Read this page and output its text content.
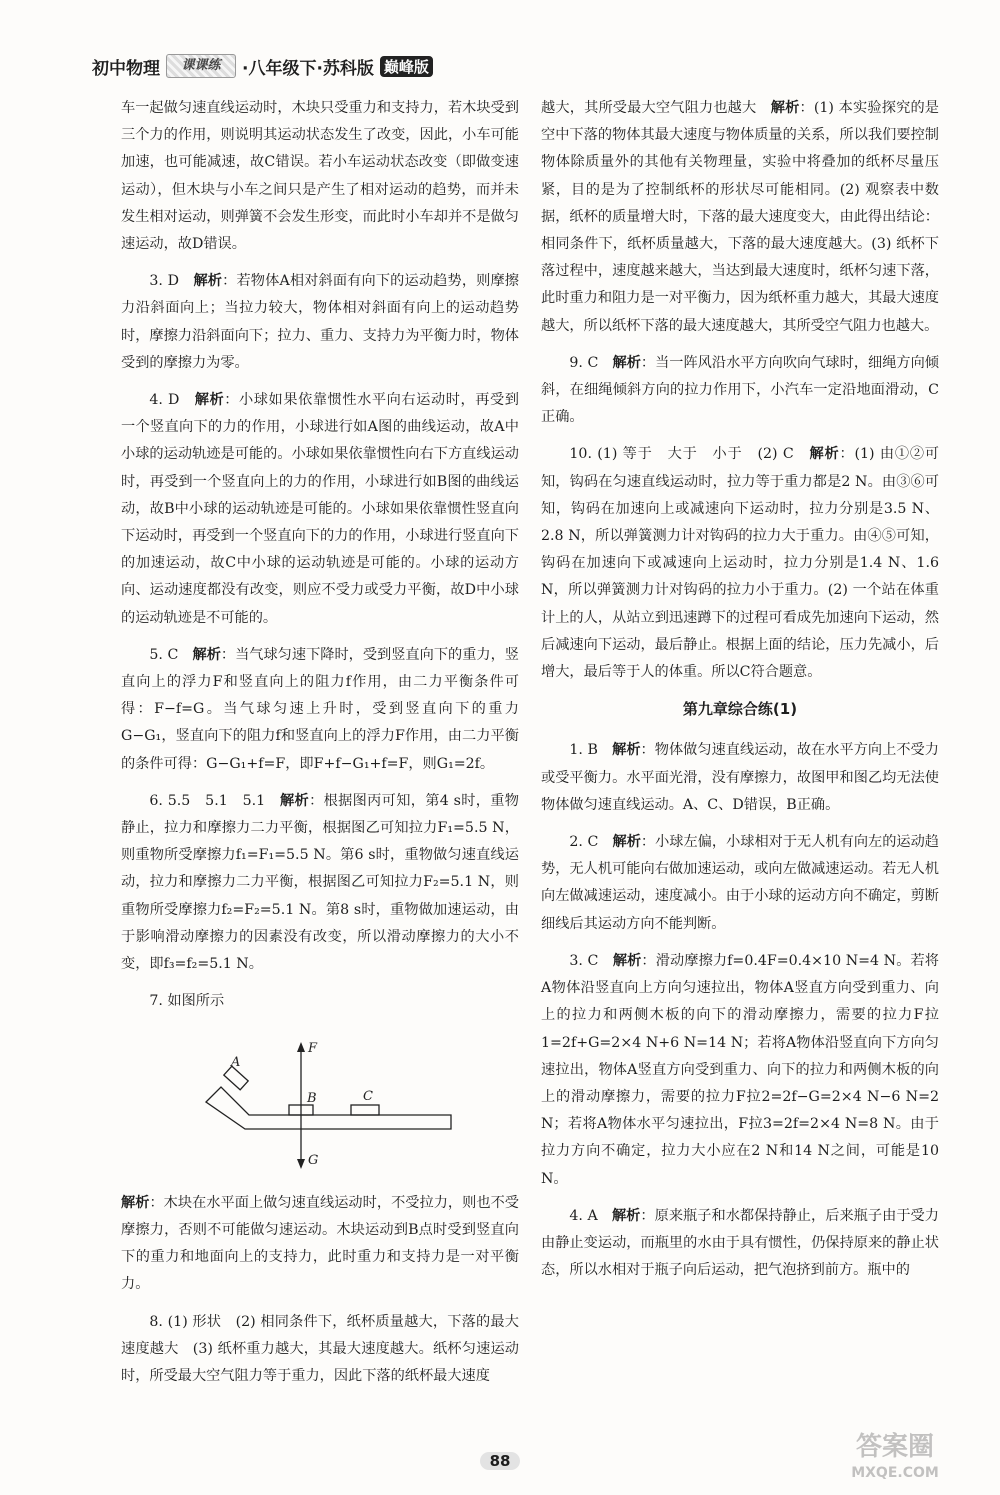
初中物理	课课练	·八年级下·苏科版 巅峰版

车一起做匀速直线运动时，木块只受重力和支持力，若木块受到三个力的作用，则说明其运动状态发生了改变，因此，小车可能加速，也可能减速，故C错误。若小车运动状态改变（即做变速运动），但木块与小车之间只是产生了相对运动的趋势，而并未发生相对运动，则弹簧不会发生形变，而此时小车却并不是做匀速运动，故D错误。

3. D　 解析：若物体A相对斜面有向下的运动趋势，则摩擦力沿斜面向上；当拉力较大，物体相对斜面有向上的运动趋势时，摩擦力沿斜面向下；拉力、重力、支持力为平衡力时，物体受到的摩擦力为零。

4. D　 解析：小球如果依靠惯性水平向右运动时，再受到一个竖直向下的力的作用，小球进行如A图的曲线运动，故A中小球的运动轨迹是可能的。小球如果依靠惯性向右下方直线运动时，再受到一个竖直向上的力的作用，小球进行如B图的曲线运动，故B中小球的运动轨迹是可能的。小球如果依靠惯性竖直向下运动时，再受到一个竖直向下的力的作用，小球进行竖直向下的加速运动，故C中小球的运动轨迹是可能的。小球的运动方向、运动速度都没有改变，则应不受力或受力平衡，故D中小球的运动轨迹是不可能的。

5. C　 解析：当气球匀速下降时，受到竖直向下的重力，竖直向上的浮力F和竖直向上的阻力f作用，由二力平衡条件可得：F−f=G。当气球匀速上升时，受到竖直向下的重力G−G₁，竖直向下的阻力f和竖直向上的浮力F作用，由二力平衡的条件可得：G−G₁+f=F，即F+f−G₁+f=F，则G₁=2f。

6. 5.5　5.1　5.1　 解析：根据图丙可知，第4 s时，重物静止，拉力和摩擦力二力平衡，根据图乙可知拉力F₁=5.5 N，则重物所受摩擦力f₁=F₁=5.5 N。第6 s时，重物做匀速直线运动，拉力和摩擦力二力平衡，根据图乙可知拉力F₂=5.1 N，则重物所受摩擦力f₂=F₂=5.1 N。第8 s时，重物做加速运动，由于影响滑动摩擦力的因素没有改变，所以滑动摩擦力的大小不变，即f₃=f₂=5.1 N。

7. 如图所示

A
B	C
F
G

解析：木块在水平面上做匀速直线运动时，不受拉力，则也不受摩擦力，否则不可能做匀速运动。木块运动到B点时受到竖直向下的重力和地面向上的支持力，此时重力和支持力是一对平衡力。

8. (1) 形状　(2) 相同条件下，纸杯质量越大，下落的最大速度越大　(3) 纸杯重力越大，其最大速度越大。纸杯匀速运动时，所受最大空气阻力等于重力，因此下落的纸杯最大速度

越大，其所受最大空气阻力也越大　 解析：(1) 本实验探究的是空中下落的物体其最大速度与物体质量的关系，所以我们要控制物体除质量外的其他有关物理量，实验中将叠加的纸杯尽量压紧，目的是为了控制纸杯的形状尽可能相同。(2) 观察表中数据，纸杯的质量增大时，下落的最大速度变大，由此得出结论：相同条件下，纸杯质量越大，下落的最大速度越大。(3) 纸杯下落过程中，速度越来越大，当达到最大速度时，纸杯匀速下落，此时重力和阻力是一对平衡力，因为纸杯重力越大，其最大速度越大，所以纸杯下落的最大速度越大，其所受空气阻力也越大。

9. C　 解析：当一阵风沿水平方向吹向气球时，细绳方向倾斜，在细绳倾斜方向的拉力作用下，小汽车一定沿地面滑动，C正确。

10. (1) 等于　大于　小于　(2) C　 解析：(1) 由①②可知，钩码在匀速直线运动时，拉力等于重力都是2 N。由③⑥可知，钩码在加速向上或减速向下运动时，拉力分别是3.5 N、2.8 N，所以弹簧测力计对钩码的拉力大于重力。由④⑤可知，钩码在加速向下或减速向上运动时，拉力分别是1.4 N、1.6 N，所以弹簧测力计对钩码的拉力小于重力。(2) 一个站在体重计上的人，从站立到迅速蹲下的过程可看成先加速向下运动，然后减速向下运动，最后静止。根据上面的结论，压力先减小，后增大，最后等于人的体重。所以C符合题意。

第九章综合练(1)

1. B　 解析：物体做匀速直线运动，故在水平方向上不受力或受平衡力。水平面光滑，没有摩擦力，故图甲和图乙均无法使物体做匀速直线运动。A、C、D错误，B正确。

2. C　 解析：小球左偏，小球相对于无人机有向左的运动趋势，无人机可能向右做加速运动，或向左做减速运动。若无人机向左做减速运动，速度减小。由于小球的运动方向不确定，剪断细线后其运动方向不能判断。

3. C　 解析：滑动摩擦力f=0.4F=0.4×10 N=4 N。若将A物体沿竖直向上方向匀速拉出，物体A竖直方向受到重力、向上的拉力和两侧木板的向下的滑动摩擦力，需要的拉力F拉1=2f+G=2×4 N+6 N=14 N；若将A物体沿竖直向下方向匀速拉出，物体A竖直方向受到重力、向下的拉力和两侧木板的向上的滑动摩擦力，需要的拉力F拉2=2f−G=2×4 N−6 N=2 N；若将A物体水平匀速拉出，F拉3=2f=2×4 N=8 N。由于拉力方向不确定，拉力大小应在2 N和14 N之间，可能是10 N。

4. A　 解析：原来瓶子和水都保持静止，后来瓶子由于受力由静止变运动，而瓶里的水由于具有惯性，仍保持原来的静止状态，所以水相对于瓶子向后运动，把气泡挤到前方。瓶中的

88	答案圈
MXQE.COM
